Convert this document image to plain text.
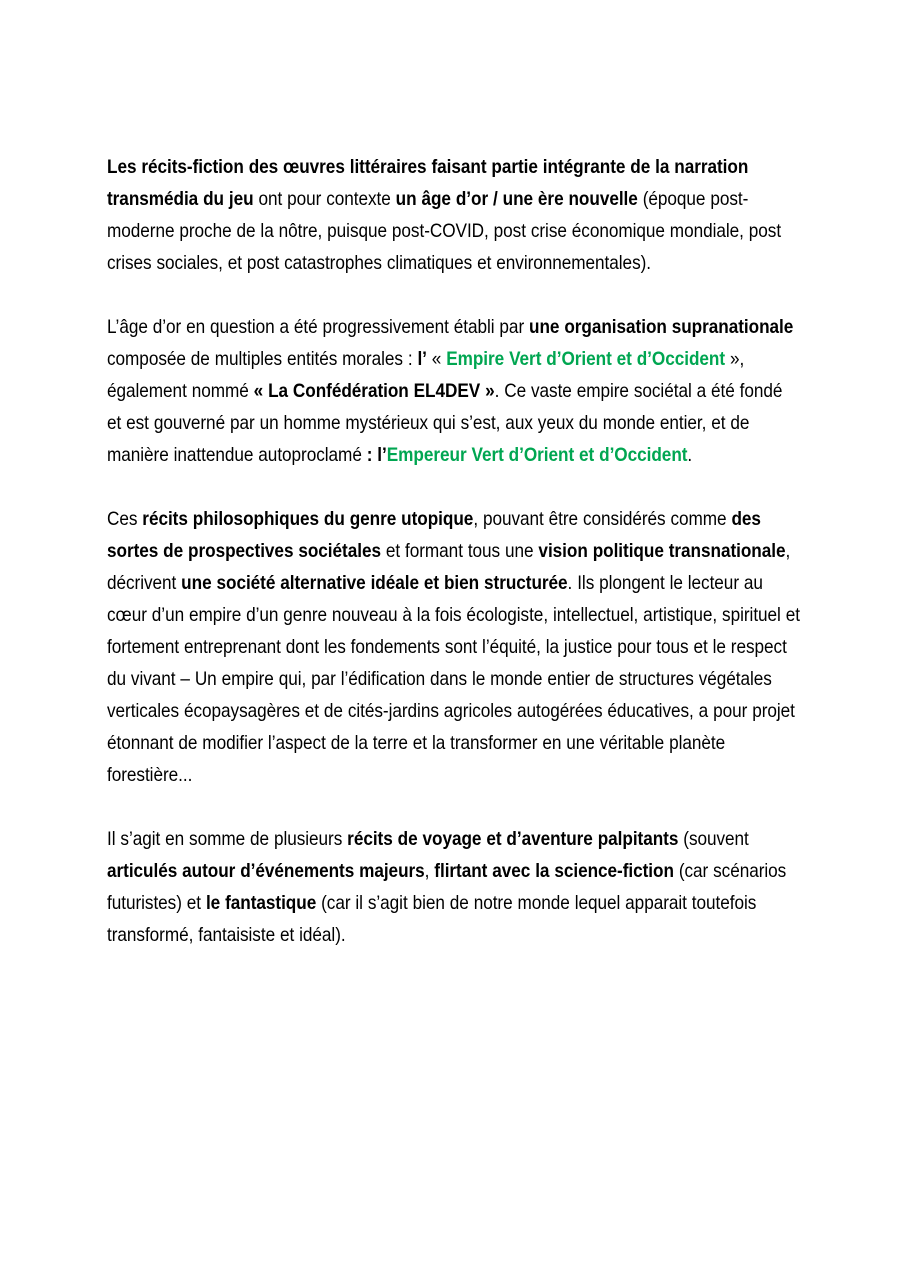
Les récits-fiction des œuvres littéraires faisant partie intégrante de la narration transmédia du jeu ont pour contexte un âge d’or / une ère nouvelle (époque post-moderne proche de la nôtre, puisque post-COVID, post crise économique mondiale, post crises sociales, et post catastrophes climatiques et environnementales).

L’âge d’or en question a été progressivement établi par une organisation supranationale composée de multiples entités morales : l’ « Empire Vert d’Orient et d’Occident », également nommé « La Confédération EL4DEV ». Ce vaste empire sociétal a été fondé et est gouverné par un homme mystérieux qui s’est, aux yeux du monde entier, et de manière inattendue autoproclamé : l’Empereur Vert d’Orient et d’Occident.

Ces récits philosophiques du genre utopique, pouvant être considérés comme des sortes de prospectives sociétales et formant tous une vision politique transnationale, décrivent une société alternative idéale et bien structurée. Ils plongent le lecteur au cœur d’un empire d’un genre nouveau à la fois écologiste, intellectuel, artistique, spirituel et fortement entreprenant dont les fondements sont l’équité, la justice pour tous et le respect du vivant – Un empire qui, par l’édification dans le monde entier de structures végétales verticales écopaysagères et de cités-jardins agricoles autogérées éducatives, a pour projet étonnant de modifier l’aspect de la terre et la transformer en une véritable planète forestière...

Il s’agit en somme de plusieurs récits de voyage et d’aventure palpitants (souvent articulés autour d’événements majeurs, flirtant avec la science-fiction (car scénarios futuristes) et le fantastique (car il s’agit bien de notre monde lequel apparait toutefois transformé, fantaisiste et idéal).
